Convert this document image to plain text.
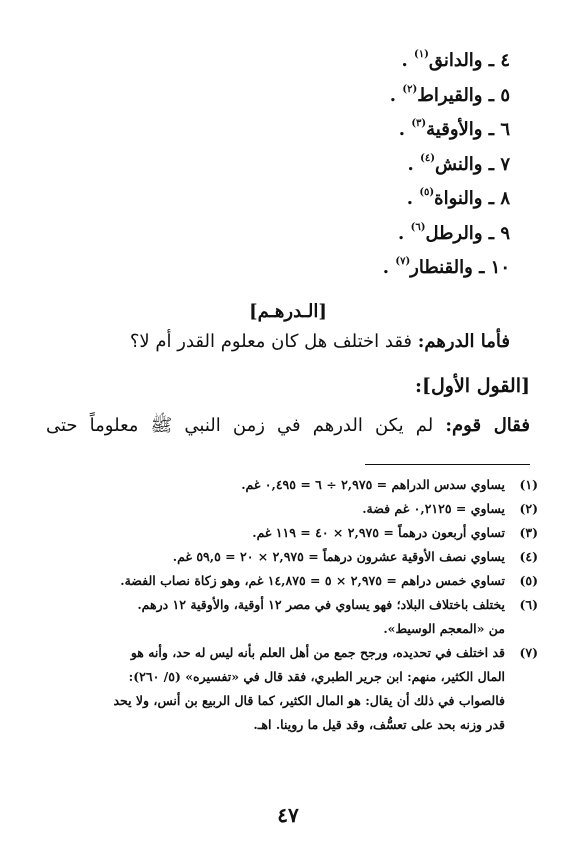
٤ ـ والدانق$^{(١)}$ .
٥ ـ والقيراط$^{(٢)}$ .
٦ ـ والأوقية$^{(٣)}$ .
٧ ـ والنش$^{(٤)}$ .
٨ ـ والنواة$^{(٥)}$ .
٩ ـ والرطل$^{(٦)}$ .
١٠ ـ والقنطار$^{(٧)}$ .
[الـدرهـم]
فأما الدرهم: فقد اختلف هل كان معلوم القدر أم لا؟
[القول الأول]:
فقال قوم: لم يكن الدرهم في زمن النبي ﷺ معلوماً حتى
(١)
يساوي سدس الدراهم = ٢,٩٧٥ ÷ ٦ = ٠,٤٩٥ غم.
(٢)
يساوي = ٠,٢١٢٥ غم فضة.
(٣)
تساوي أربعون درهماً = ٢,٩٧٥ × ٤٠ = ١١٩ غم.
(٤)
يساوي نصف الأوقية عشرون درهماً = ٢,٩٧٥ × ٢٠ = ٥٩,٥ غم.
(٥)
تساوي خمس دراهم = ٢,٩٧٥ × ٥ = ١٤,٨٧٥ غم، وهو زكاة نصاب الفضة.
(٦)
يختلف باختلاف البلاد؛ فهو يساوي في مصر ١٢ أوقية، والأوقية ١٢ درهم.
من «المعجم الوسيط».
(٧)
قد اختلف في تحديده، ورجح جمع من أهل العلم بأنه ليس له حد، وأنه هو
المال الكثير، منهم: ابن جرير الطبري، فقد قال في «تفسيره» (٥/ ٢٦٠):
فالصواب في ذلك أن يقال: هو المال الكثير، كما قال الربيع بن أنس، ولا يحد
قدر وزنه بحد على تعسُّف، وقد قيل ما روينا. اهـ.
٤٧
